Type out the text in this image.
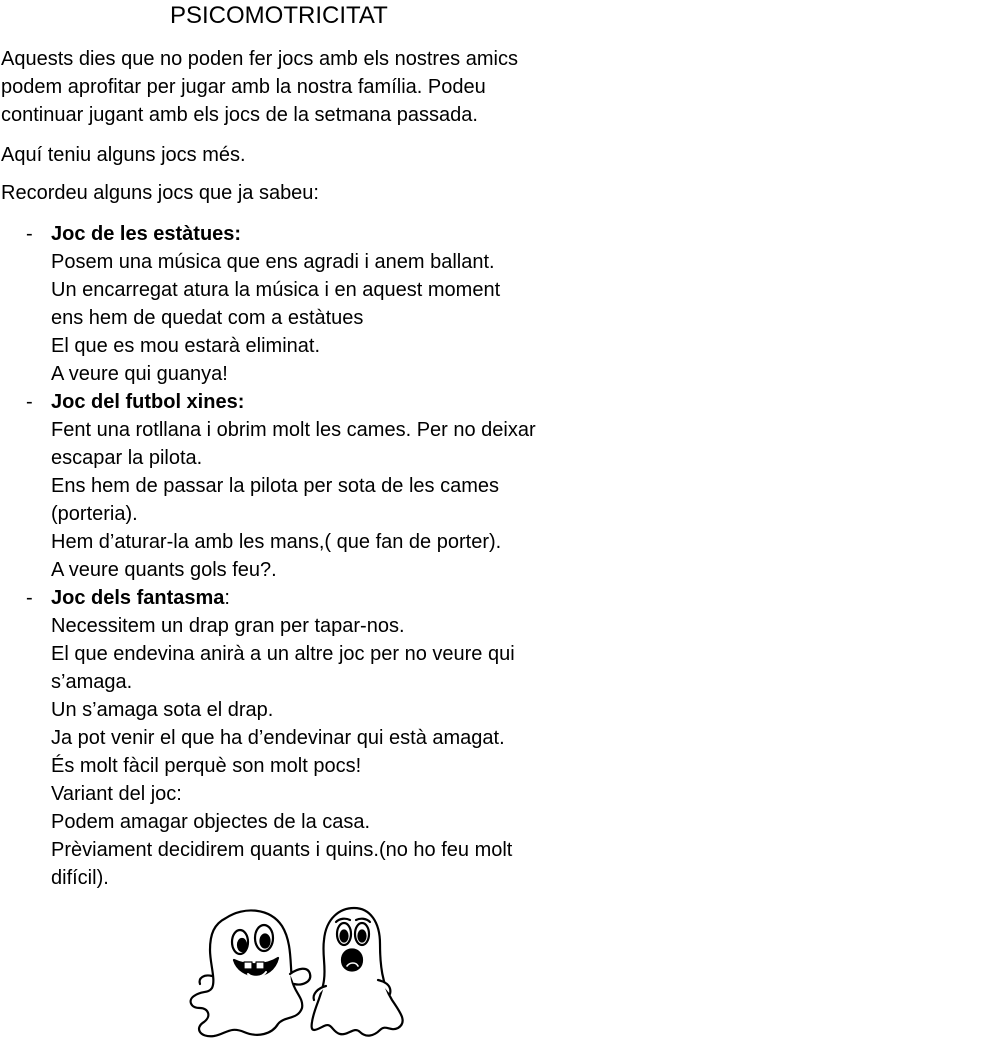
PSICOMOTRICITAT

Aquests dies que no poden fer jocs amb els nostres amics
podem aprofitar per jugar amb la nostra família. Podeu
continuar jugant amb els jocs de la setmana passada.

Aquí teniu alguns jocs més.

Recordeu alguns jocs que ja sabeu:

- Joc de les estàtues:
Posem una música que ens agradi i anem ballant.
Un encarregat atura la música i en aquest moment
ens hem de quedat com a estàtues
El que es mou estarà eliminat.
A veure qui guanya!
- Joc del futbol xines:
Fent una rotllana i obrim molt les cames. Per no deixar
escapar la pilota.
Ens hem de passar la pilota per sota de les cames
(porteria).
Hem d’aturar-la amb les mans,( que fan de porter).
A veure quants gols feu?.
- Joc dels fantasma:
Necessitem un drap gran per tapar-nos.
El que endevina anirà a un altre joc per no veure qui
s’amaga.
Un s’amaga sota el drap.
Ja pot venir el que ha d’endevinar qui està amagat.
És molt fàcil perquè son molt pocs!
Variant del joc:
Podem amagar objectes de la casa.
Prèviament decidirem quants i quins.(no ho feu molt
difícil).
